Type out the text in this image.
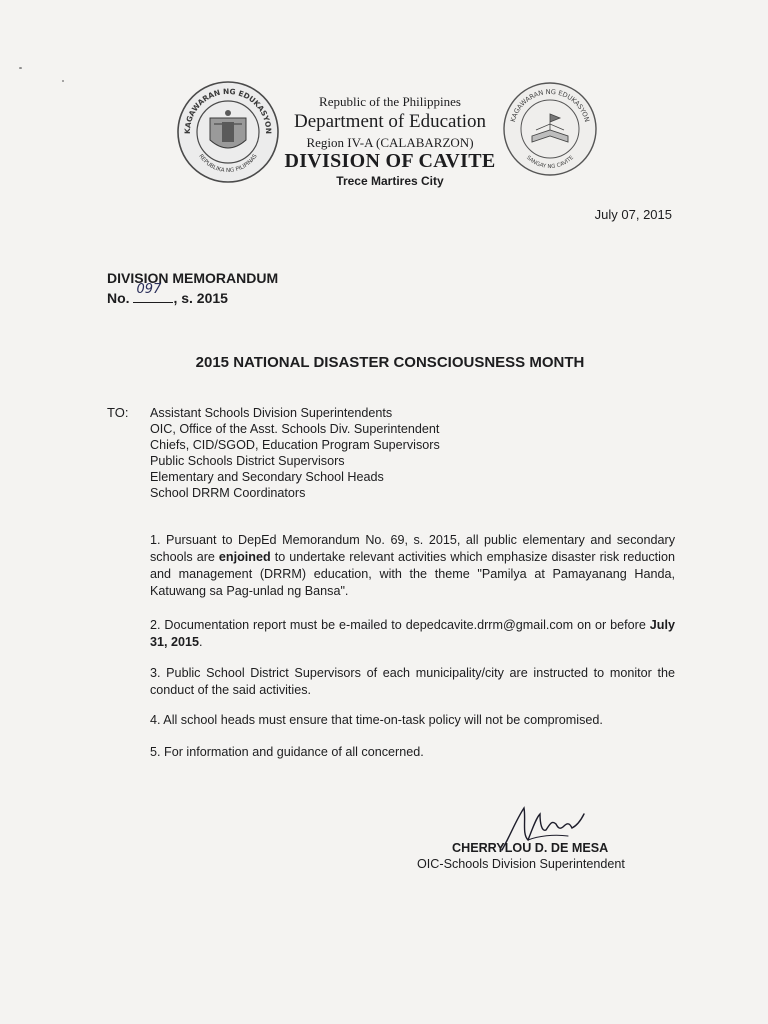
KAGAWARAN NG EDUKASYON
REPUBLIKA NG PILIPINAS
KAGAWARAN NG EDUKASYON
SANGAY NG CAVITE
Republic of the Philippines
Department of Education
Region IV-A (CALABARZON)
DIVISION OF CAVITE
Trece Martires City
July 07, 2015
DIVISION MEMORANDUM
No.
097
, s. 2015
2015 NATIONAL DISASTER CONSCIOUSNESS MONTH
TO: Assistant Schools Division Superintendents
OIC, Office of the Asst. Schools Div. Superintendent
Chiefs, CID/SGOD, Education Program Supervisors
Public Schools District Supervisors
Elementary and Secondary School Heads
School DRRM Coordinators

1. Pursuant to DepEd Memorandum No. 69, s. 2015, all public elementary and secondary schools are enjoined to undertake relevant activities which emphasize disaster risk reduction and management (DRRM) education, with the theme "Pamilya at Pamayanang Handa, Katuwang sa Pag-unlad ng Bansa".

2. Documentation report must be e-mailed to depedcavite.drrm@gmail.com on or before July 31, 2015.

3. Public School District Supervisors of each municipality/city are instructed to monitor the conduct of the said activities.

4. All school heads must ensure that time-on-task policy will not be compromised.

5. For information and guidance of all concerned.

CHERRYLOU D. DE MESA
OIC-Schools Division Superintendent
